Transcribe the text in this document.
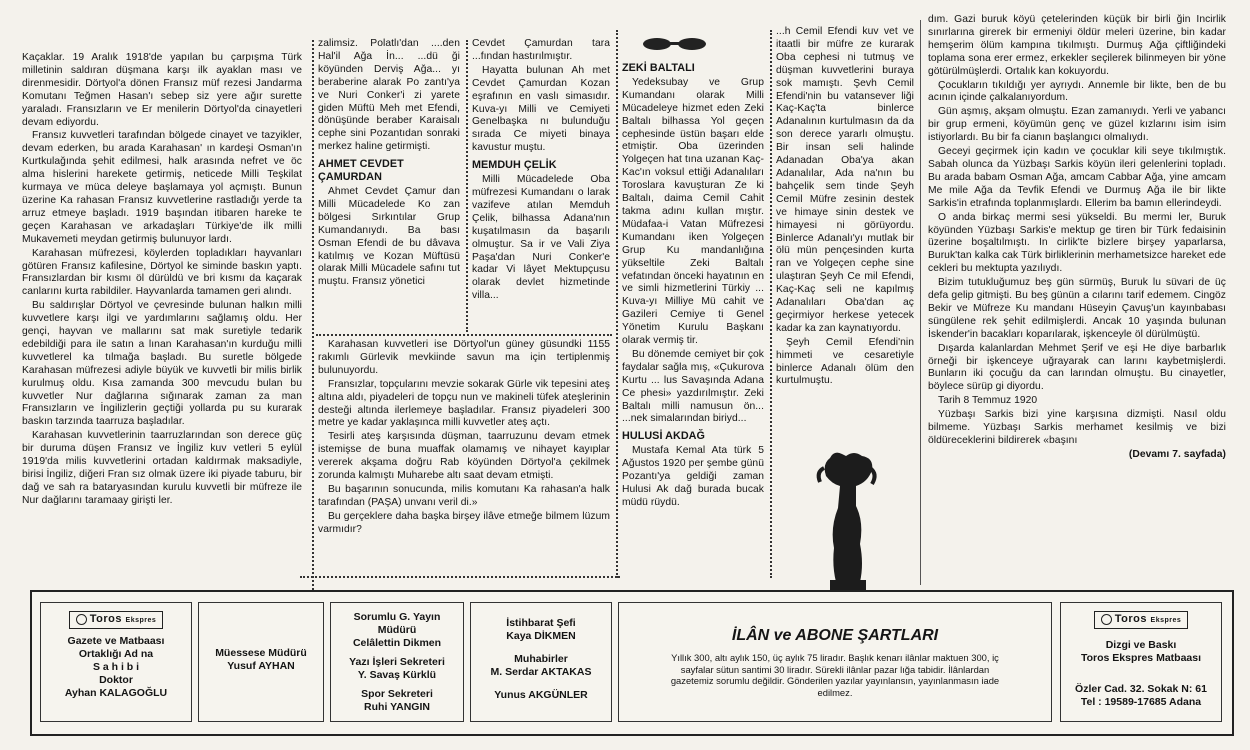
Kaçaklar. 19 Aralık 1918'de yapılan bu çarpışma Türk milletinin saldıran düşmana karşı ilk ayaklan ması ve direnmesidir. Dörtyol'a dönen Fransız müf rezesi Jandarma Komutanı Teğmen Hasan'ı sebep siz yere ağır surette yaraladı. Fransızların ve Er menilerin Dörtyol'da cinayetleri devam ediyordu.

Fransız kuvvetleri tarafından bölgede cinayet ve tazyikler, devam ederken, bu arada Karahasan' ın kardeşi Osman'ın Kurtkulağında şehit edilmesi, halk arasında nefret ve öc alma hislerini harekete getirmiş, neticede Milli Teşkilat kurmaya ve müca deleye başlamaya yol açmıştı. Bunun üzerine Ka rahasan Fransız kuvvetlerine rastladığı yerde ta arruz etmeye başladı. 1919 başından itibaren hareke te geçen Karahasan ve arkadaşları Türkiye'de ilk milli Mukavemeti meydan getirmiş bulunuyor lardı.

Karahasan müfrezesi, köylerden topladıkları hayvanları götüren Fransız kafilesine, Dörtyol ke siminde baskın yaptı. Fransızlardan bir kısmı öl dürüldü ve bri kısmı da kaçarak canlarını kurta rabildiler. Hayvanlarda tamamen geri alındı.

Bu saldırışlar Dörtyol ve çevresinde bulunan halkın milli kuvvetlere karşı ilgi ve yardımlarını sağlamış oldu. Her gençi, hayvan ve mallarını sat mak suretiyle tedarik edebildiği para ile satın a lınan Karahasan'ın kurduğu milli kuvvetlerel ka tılmağa başladı. Bu suretle bölgede Karahasan müfrezesi adiyle büyük ve kuvvetli bir milis birlik kurulmuş oldu. Kısa zamanda 300 mevcudu bulan bu kuvvetler Nur dağlarına sığınarak zaman za man Fransızların ve İngilizlerin geçtiği yollarda pu su kurarak baskın tarzında taarruza başladılar.

Karahasan kuvvetlerinin taarruzlarından son derece güç bir duruma düşen Fransız ve İngiliz kuv vetleri 5 eylül 1919'da milis kuvvetlerini ortadan kaldırmak maksadiyle, birisi İngiliz, diğeri Fran sız olmak üzere iki piyade taburu, bir dağ ve sah ra bataryasından kurulu kuvvetli bir müfreze ile Nur dağlarını taramaay girişti ler.

zalimsiz. Polatlı'dan ....den Hal'il Ağa İn... ...dü ği köyünden Derviş Ağa... yı beraberine alarak Po zantı'ya ve Nuri Conker'i zi yarete giden Müftü Meh met Efendi, dönüşünde beraber Karaisalı cephe sini Pozantıdan sonraki merkez haline getirmişti.

AHMET CEVDET ÇAMURDAN

Ahmet Cevdet Çamur dan Milli Mücadelede Ko zan bölgesi Sırkıntılar Grup Kumandanıydı. Ba bası Osman Efendi de bu dâvava katılmış ve Kozan Müftüsü olarak Milli Mücadele safını tut muştu. Fransız yönetici

Cevdet Çamurdan tara ...fından hastırılmıştır.

Hayatta bulunan Ah met Cevdet Çamurdan Kozan eşrafının en vaslı simasıdır. Kuva-yı Milli ve Cemiyeti Genelbaşka nı bulunduğu sırada Ce miyeti binaya kavustur muştu.

MEMDUH ÇELİK

Milli Mücadelede Oba müfrezesi Kumandanı o larak vazifeve atılan Memduh Çelik, bilhassa Adana'nın kuşatılmasın da başarılı olmuştur. Sa ir ve Vali Ziya Paşa'dan Nuri Conker'e kadar Vi lâyet Mektupçusu olarak devlet hizmetinde villa...

Karahasan kuvvetleri ise Dörtyol'un güney güsundki 1155 rakımlı Gürlevik mevkiinde savun ma için tertiplenmiş bulunuyordu.

Fransızlar, topçularını mevzie sokarak Gürle vik tepesini ateş altına aldı, piyadeleri de topçu nun ve makineli tüfek ateşlerinin desteği altında ilerlemeye başladılar. Fransız piyadeleri 300 metre ye kadar yaklaşınca milli kuvvetler ateş açtı.

Tesirli ateş karşısında düşman, taarruzunu devam etmek istemişse de buna muaffak olamamış ve nihayet kayıplar vererek akşama doğru Rab köyünden Dörtyol'a çekilmek zorunda kalmıştı Muharebe altı saat devam etmişti.

Bu başarının sonucunda, milis komutanı Ka rahasan'a halk tarafından (PAŞA) unvanı veril di.»

Bu gerçeklere daha başka birşey ilâve etmeğe bilmem lüzum varmıdır?

ZEKİ BALTALI

Yedeksubay ve Grup Kumandanı olarak Milli Mücadeleye hizmet eden Zeki Baltalı bilhassa Yol geçen cephesinde üstün başarı elde etmiştir. Oba üzerinden Yolgeçen hat tına uzanan Kaç-Kac'ın voksul ettiği Adanalıları Toroslara kavuşturan Ze ki Baltalı, daima Cemil Cahit takma adını kullan mıştır. Müdafaa-i Vatan Müfrezesi Kumandanı iken Yolgeçen Grup Ku mandanlığına yükseltile Zeki Baltalı vefatından önceki hayatının en ve simli hizmetlerini Türkiy ... Kuva-yı Milliye Mü cahit ve Gazileri Cemiye ti Genel Yönetim Kurulu Başkanı olarak vermiş tir.

Bu dönemde cemiyet bir çok faydalar sağla mış, «Çukurova Kurtu ... lus Savaşında Adana Ce phesi» yazdırılmıştır. Zeki Baltalı milli namusun ön... ...nek simalarından biriyd...

HULUSİ AKDAĞ

Mustafa Kemal Ata türk 5 Ağustos 1920 per şembe günü Pozantı'ya geldiği zaman Hulusi Ak dağ burada bucak müdü rüydü.

...h Cemil Efendi kuv vet ve itaatli bir müfre ze kurarak Oba cephesi ni tutmuş ve düşman kuvvetlerini buraya sok mamıştı. Şevh Cemil Efendi'nin bu vatansever liği Kaç-Kaç'ta binlerce Adanalının kurtulmasın da da son derece yararlı olmuştu. Bir insan seli halinde Adanadan Oba'ya akan Adanalılar, Ada na'nın bu bahçelik sem tinde Şeyh Cemil Müfre zesinin destek ve himaye sinin destek ve himayesi ni görüyordu. Binlerce Adanalı'yı mutlak bir ölü mün pençesinden kurta ran ve Yolgeçen cephe sine ulaştıran Şeyh Ce mil Efendi, Kaç-Kaç seli ne kapılmış Adanalıları Oba'dan aç geçirmiyor herkese yetecek kadar ka zan kaynatıyordu.

Şeyh Cemil Efendi'nin himmeti ve cesaretiyle binlerce Adanalı ölüm den kurtulmuştu.

dım. Gazi buruk köyü çetelerinden küçük bir birli ğin İncirlik sınırlarına girerek bir ermeniyi öldür meleri üzerine, bin kadar hemşerim ölüm kampına tıkılmıştı. Durmuş Ağa çiftliğindeki toplama sona erer ermez, erkekler seçilerek bilinmeyen bir yöne götürülmüşlerdi. Ortalık kan kokuyordu.

Çocukların tıkıldığı yer ayrıydı. Annemle bir likte, ben de bu acının içinde çalkalanıyordum.

Gün aşmış, akşam olmuştu. Ezan zamanıydı. Yerli ve yabancı bir grup ermeni, köyümün genç ve güzel kızlarını isim isim istiyorlardı. Bu bir fa cianın başlangıcı olmalıydı.

Geceyi geçirmek için kadın ve çocuklar kili seye tıkılmıştık. Sabah olunca da Yüzbaşı Sarkis köyün ileri gelenlerini topladı. Bu arada babam Osman Ağa, amcam Cabbar Ağa, yine amcam Me mile Ağa da Tevfik Efendi ve Durmuş Ağa ile bir likte Sarkis'in etrafında toplanmışlardı. Ellerim ba bamın ellerindeydi.

O anda birkaç mermi sesi yükseldi. Bu mermi ler, Buruk köyünden Yüzbaşı Sarkis'e mektup ge tiren bir Türk fedaisinin üzerine boşaltılmıştı. In cirlik'te bizlere birşey yaparlarsa, Buruk'tan kalka cak Türk birliklerinin merhametsizce hareket ede cekleri bu mektupta yazılıydı.

Bizim tutukluğumuz beş gün sürmüş, Buruk lu süvari de üç defa gelip gitmişti. Bu beş günün a cılarını tarif edemem. Cingöz Bekir ve Müfreze Ku mandanı Hüseyin Çavuş'un kayınbabası süngülene rek şehit edilmişlerdi. Ancak 10 yaşında bulunan İskender'in bacakları koparılarak, işkenceyle öl dürülmüştü.

Dışarda kalanlardan Mehmet Şerif ve eşi He diye barbarlık örneği bir işkenceye uğrayarak can larını kaybetmişlerdi. Bunların iki çocuğu da can larından olmuştu. Bu cinayetler, böylece sürüp gi diyordu.

Tarih 8 Temmuz 1920

Yüzbaşı Sarkis bizi yine karşısına dizmişti. Nasıl oldu bilmeme. Yüzbaşı Sarkis merhamet kesilmiş ve bizi öldüreceklerini bildirerek «başını

(Devamı 7. sayfada)

Toros Ekspres
Gazete ve Matbaası
Ortaklığı Ad na
S a h i b i
Doktor
Ayhan KALAGOĞLU
Müessese Müdürü
Yusuf AYHAN
Sorumlu G. Yayın
Müdürü
Celâlettin Dikmen
Yazı İşleri Sekreteri
Y. Savaş Kürklü
Spor Sekreteri
Ruhi YANGIN
İstihbarat Şefi
Kaya DİKMEN
Muhabirler
M. Serdar AKTAKAS
Yunus AKGÜNLER
İLÂN ve ABONE ŞARTLARI
Yıllık 300, altı aylık 150, üç aylık 75 liradır. Başlık kenarı ilânlar maktuen 300, iç sayfalar sütun santimi 30 liradır. Sürekli ilânlar pazar lığa tabidir. İlânlardan gazetemiz sorumlu değildir. Gönderilen yazılar yayınlansın, yayınlanmasın iade edilmez.
Toros Ekspres
Dizgi ve Baskı
Toros Ekspres Matbaası
Özler Cad. 32. Sokak N: 61
Tel : 19589-17685 Adana
